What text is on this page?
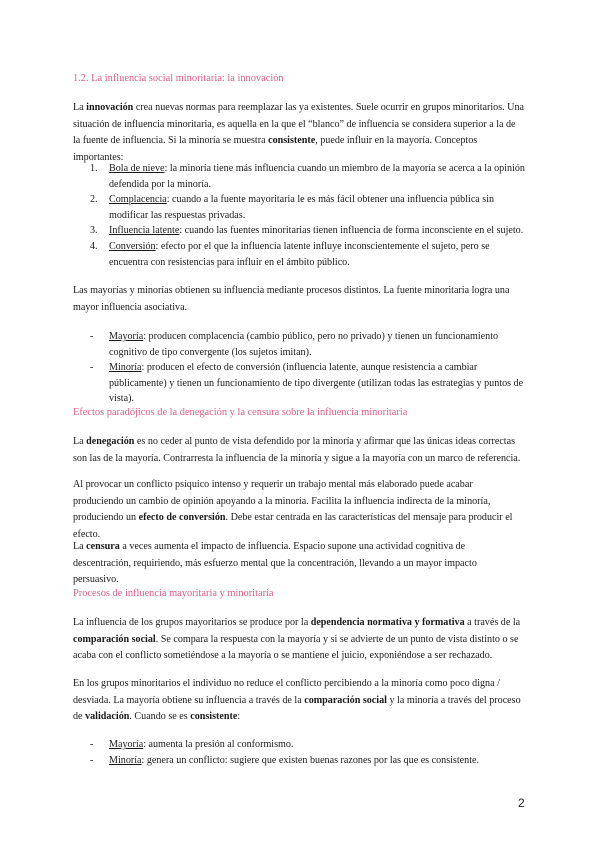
1.2. La influencia social minoritaria: la innovación

La innovación crea nuevas normas para reemplazar las ya existentes. Suele ocurrir en grupos minoritarios. Una situación de influencia minoritaria, es aquella en la que el “blanco” de influencia se considera superior a la de la fuente de influencia. Si la minoría se muestra consistente, puede influir en la mayoría. Conceptos importantes:

1. Bola de nieve: la minoría tiene más influencia cuando un miembro de la mayoría se acerca a la opinión defendida por la minoría.
2. Complacencia: cuando a la fuente mayoritaria le es más fácil obtener una influencia pública sin modificar las respuestas privadas.
3. Influencia latente: cuando las fuentes minoritarias tienen influencia de forma inconsciente en el sujeto.
4. Conversión: efecto por el que la influencia latente influye inconscientemente el sujeto, pero se encuentra con resistencias para influir en el ámbito público.

Las mayorías y minorías obtienen su influencia mediante procesos distintos. La fuente minoritaria logra una mayor influencia asociativa.

- Mayoría: producen complacencia (cambio público, pero no privado) y tienen un funcionamiento cognitivo de tipo convergente (los sujetos imitan).
- Minoría: producen el efecto de conversión (influencia latente, aunque resistencia a cambiar públicamente) y tienen un funcionamiento de tipo divergente (utilizan todas las estrategias y puntos de vista).
Efectos paradójicos de la denegación y la censura sobre la influencia minoritaria

La denegación es no ceder al punto de vista defendido por la minoría y afirmar que las únicas ideas correctas son las de la mayoría. Contrarresta la influencia de la minoría y sigue a la mayoría con un marco de referencia.

Al provocar un conflicto psíquico intenso y requerir un trabajo mental más elaborado puede acabar produciendo un cambio de opinión apoyando a la minoría. Facilita la influencia indirecta de la minoría, produciendo un efecto de conversión. Debe estar centrada en las características del mensaje para producir el efecto.

La censura a veces aumenta el impacto de influencia. Espacio supone una actividad cognitiva de descentración, requiriendo, más esfuerzo mental que la concentración, llevando a un mayor impacto persuasivo.

Procesos de influencia mayoritaria y minoritaria

La influencia de los grupos mayoritarios se produce por la dependencia normativa y formativa a través de la comparación social. Se compara la respuesta con la mayoría y si se advierte de un punto de vista distinto o se acaba con el conflicto sometiéndose a la mayoría o se mantiene el juicio, exponiéndose a ser rechazado.

En los grupos minoritarios el individuo no reduce el conflicto percibiendo a la minoría como poco digna / desviada. La mayoría obtiene su influencia a través de la comparación social y la minoría a través del proceso de validación. Cuando se es consistente:

- Mayoría: aumenta la presión al conformismo.
- Minoría: genera un conflicto: sugiere que existen buenas razones por las que es consistente.
2
